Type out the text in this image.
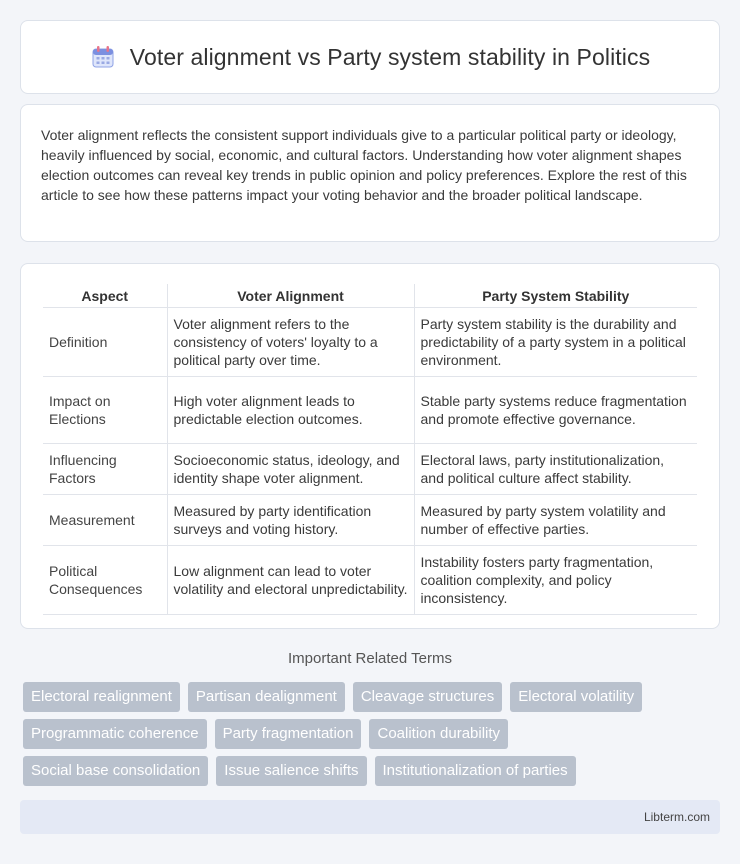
Voter alignment vs Party system stability in Politics

Voter alignment reflects the consistent support individuals give to a particular political party or ideology, heavily influenced by social, economic, and cultural factors. Understanding how voter alignment shapes election outcomes can reveal key trends in public opinion and policy preferences. Explore the rest of this article to see how these patterns impact your voting behavior and the broader political landscape.

Aspect	Voter Alignment	Party System Stability
Definition	Voter alignment refers to the consistency of voters' loyalty to a political party over time.	Party system stability is the durability and predictability of a party system in a political environment.
Impact on Elections	High voter alignment leads to predictable election outcomes.	Stable party systems reduce fragmentation and promote effective governance.
Influencing Factors	Socioeconomic status, ideology, and identity shape voter alignment.	Electoral laws, party institutionalization, and political culture affect stability.
Measurement	Measured by party identification surveys and voting history.	Measured by party system volatility and number of effective parties.
Political Consequences	Low alignment can lead to voter volatility and electoral unpredictability.	Instability fosters party fragmentation, coalition complexity, and policy inconsistency.
Important Related Terms
Electoral realignment	Partisan dealignment	Cleavage structures	Electoral volatility
Programmatic coherence	Party fragmentation	Coalition durability
Social base consolidation	Issue salience shifts	Institutionalization of parties
Libterm.com
